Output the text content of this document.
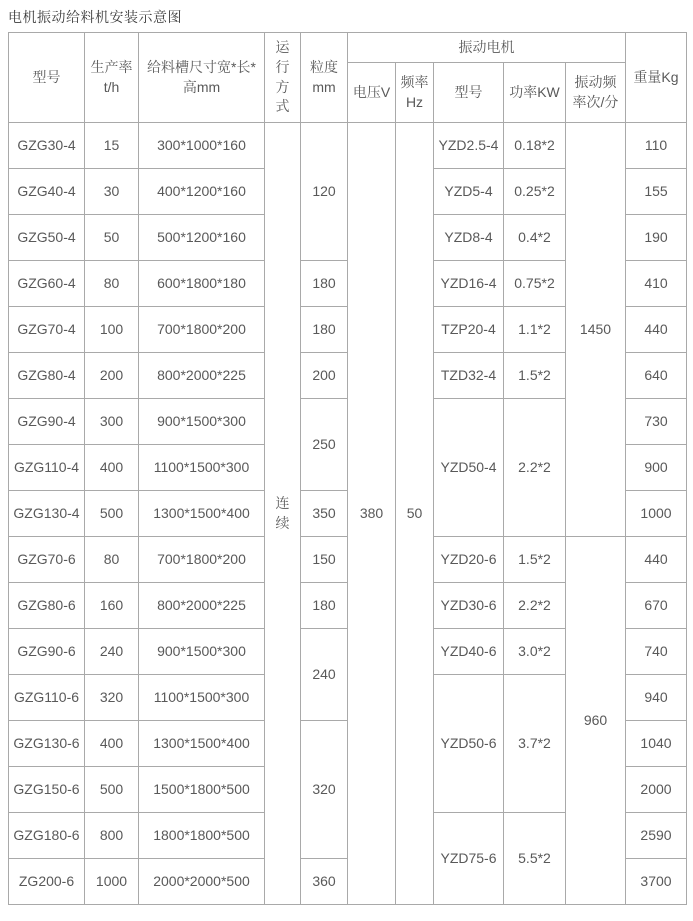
电机振动给料机安装示意图
型号	生产率t/h	给料槽尺寸宽*长*高mm	运行方式	粒度mm	振动电机					重量Kg
					电压V	频率Hz	型号	功率KW	振动频率次/分	
GZG30-4	15	300*1000*160	连续	120	380	50	YZD2.5-4	0.18*2	1450	110
GZG40-4	30	400*1200*160					YZD5-4	0.25*2		155
GZG50-4	50	500*1200*160					YZD8-4	0.4*2		190
GZG60-4	80	600*1800*180		180			YZD16-4	0.75*2		410
GZG70-4	100	700*1800*200		180			TZP20-4	1.1*2		440
GZG80-4	200	800*2000*225		200			TZD32-4	1.5*2		640
GZG90-4	300	900*1500*300		250			YZD50-4	2.2*2		730
GZG110-4	400	1100*1500*300								900
GZG130-4	500	1300*1500*400		350						1000
GZG70-6	80	700*1800*200		150			YZD20-6	1.5*2	960	440
GZG80-6	160	800*2000*225		180			YZD30-6	2.2*2		670
GZG90-6	240	900*1500*300		240			YZD40-6	3.0*2		740
GZG110-6	320	1100*1500*300					YZD50-6	3.7*2		940
GZG130-6	400	1300*1500*400		320						1040
GZG150-6	500	1500*1800*500								2000
GZG180-6	800	1800*1800*500					YZD75-6	5.5*2		2590
ZG200-6	1000	2000*2000*500		360						3700
